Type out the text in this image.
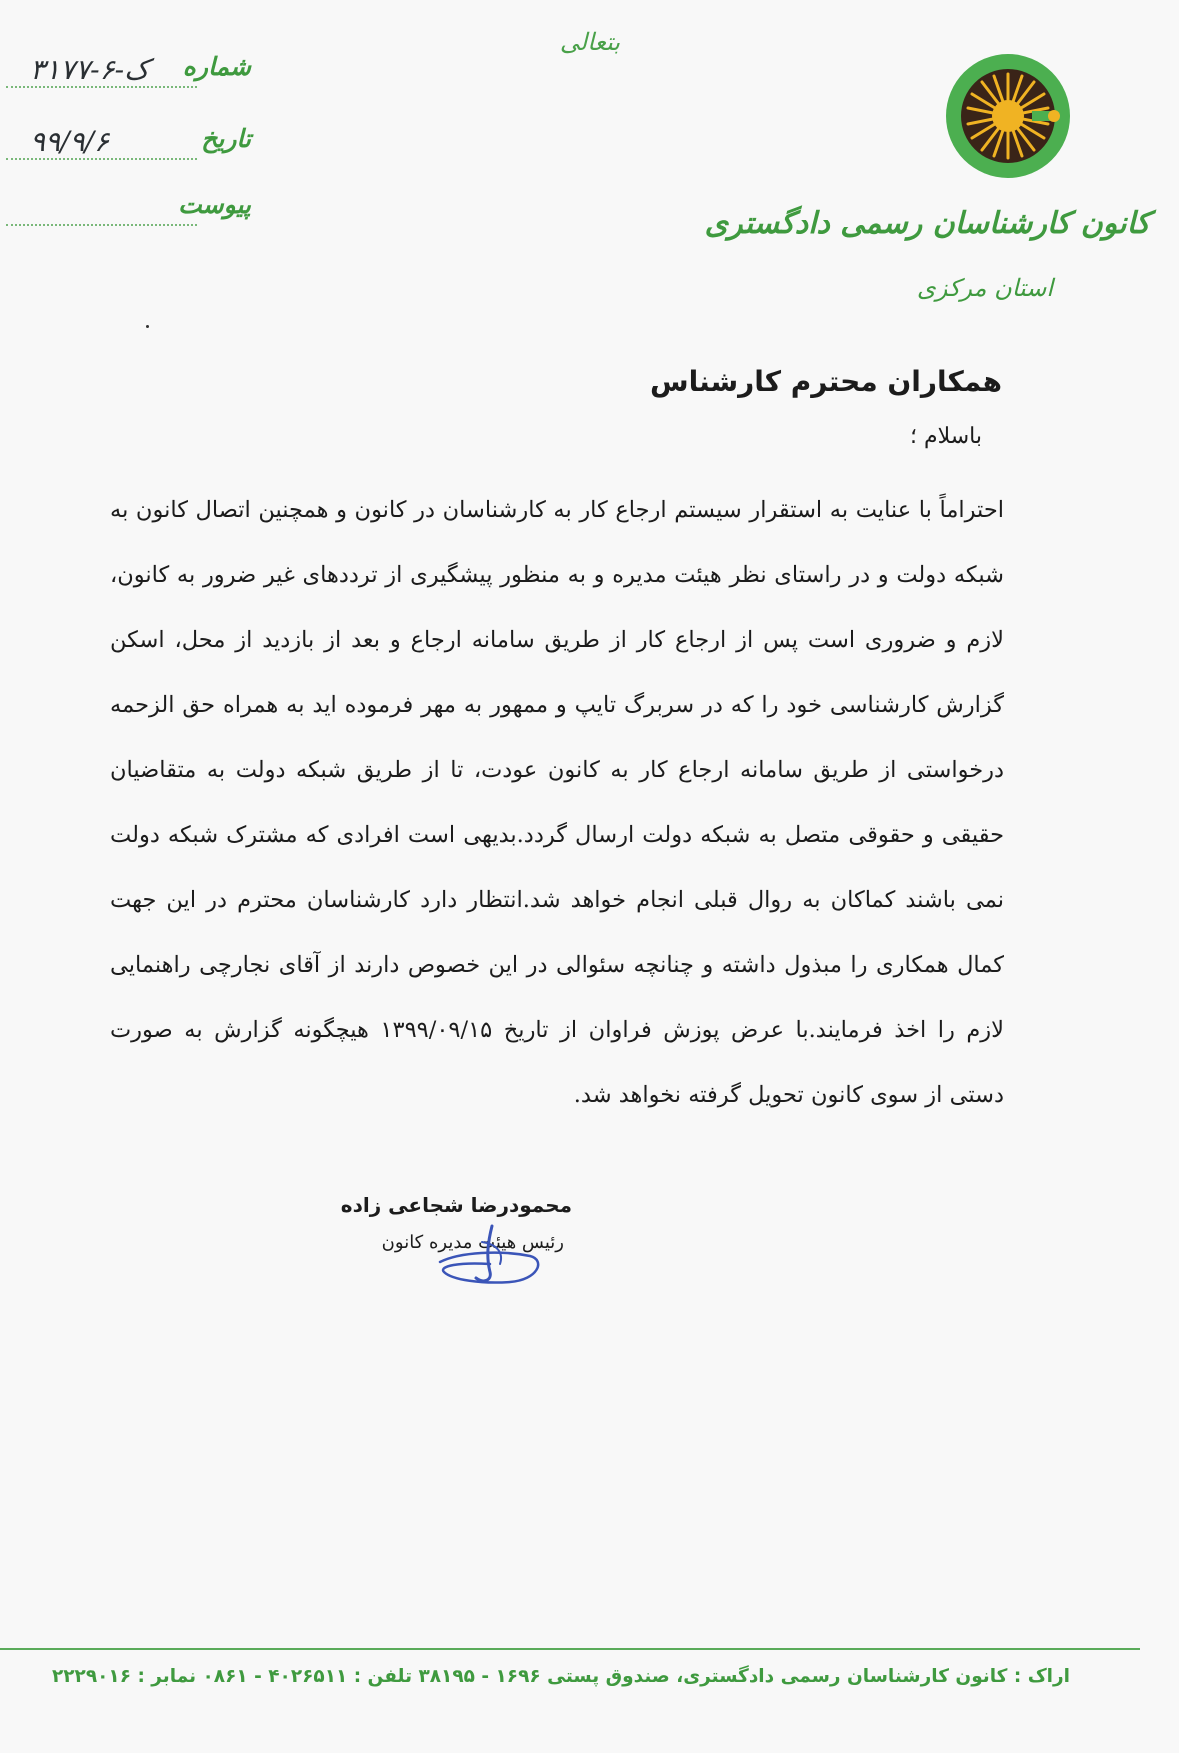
بتعالی
کانون کارشناسان رسمی دادگستری
استان مرکزی
شماره
۳۱۷۷-ک-۶
تاریخ
۹۹/۹/۶
پیوست
همکاران محترم کارشناس
باسلام ؛

احتراماً با عنایت به استقرار سیستم ارجاع کار به کارشناسان در کانون و همچنین اتصال کانون به شبکه دولت و در راستای نظر هیئت مدیره و به منظور پیشگیری از ترددهای غیر ضرور به کانون، لازم و ضروری است پس از ارجاع کار از طریق سامانه ارجاع و بعد از بازدید از محل، اسکن گزارش کارشناسی خود را که در سربرگ تایپ و ممهور به مهر فرموده اید به همراه حق الزحمه درخواستی از طریق سامانه ارجاع کار به کانون عودت، تا از طریق شبکه دولت به متقاضیان حقیقی و حقوقی متصل به شبکه دولت ارسال گردد.بدیهی است افرادی که مشترک شبکه دولت نمی باشند کماکان به روال قبلی انجام خواهد شد.انتظار دارد کارشناسان محترم در این جهت کمال همکاری را مبذول داشته و چنانچه سئوالی در این خصوص دارند از آقای نجارچی راهنمایی لازم را اخذ فرمایند.با عرض پوزش فراوان از تاریخ ۱۳۹۹/۰۹/۱۵ هیچگونه گزارش به صورت دستی از سوی کانون تحویل گرفته نخواهد شد.

محمودرضا شجاعی زاده
رئیس هیئت مدیره کانون
اراک : کانون کارشناسان رسمی دادگستری، صندوق پستی ۱۶۹۶ - ۳۸۱۹۵ تلفن : ۴۰۲۶۵۱۱ - ۰۸۶۱ نمابر : ۲۲۲۹۰۱۶
